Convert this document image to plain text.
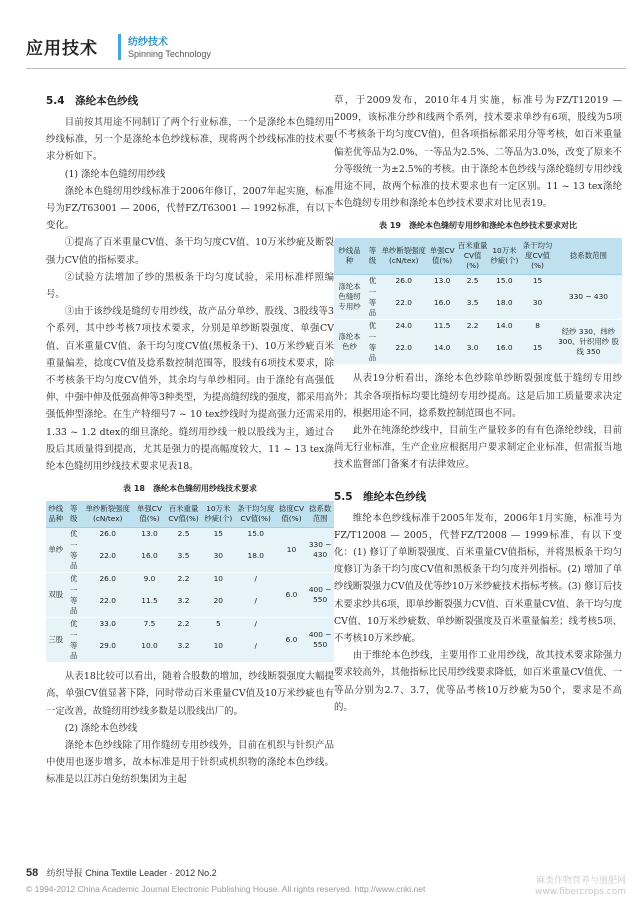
应用技术	纺纱技术
Spinning Technology
5.4　涤纶本色纱线

目前按其用途不同制订了两个行业标准，一个是涤纶本色缝纫用纱线标准，另一个是涤纶本色纱线标准，现将两个纱线标准的技术要求分析如下。

(1) 涤纶本色缝纫用纱线

涤纶本色缝纫用纱线标准于2006年修订，2007年起实施，标准号为FZ/T63001 — 2006，代替FZ/T63001 — 1992标准，有以下变化。

①提高了百米重量CV值、条干均匀度CV值、10万米纱疵及断裂强力CV值的指标要求。

②试验方法增加了纱的黑板条干均匀度试验，采用标准样照编号。

③由于该纱线是缝纫专用纱线，故产品分单纱、股线、3股线等3个系列，其中纱考核7项技术要求，分别是单纱断裂强度、单强CV值、百米重量CV值、条干均匀度CV值(黑板条干)、10万米纱疵百米重量偏差，捻度CV值及捻系数控制范围等，股线有6项技术要求，除不考核条干均匀度CV值外，其余均与单纱相同。由于涤纶有高强低伸、中强中伸及低强高伸等3种类型，为提高缝纫线的强度，都采用高强低伸型涤纶。在生产特细号7 ~ 10 tex纱线时为提高强力还需采用1.33 ~ 1.2 dtex的细旦涤纶。缝纫用纱线一般以股线为主，通过合股后其质量得到提高，尤其是强力的提高幅度较大，11 ~ 13 tex涤纶本色缝纫用纱线技术要求见表18。

表 18　涤纶本色缝纫用纱线技术要求
纱线品种	等级	单纱断裂强度(cN/tex)	单强CV值(%)	百米重量CV值(%)	10万米纱疵(个)	条干均匀度CV值(%)	捻度CV值(%)	捻系数范围
单纱	优	26.0	13.0	2.5	15	15.0	10	330 ~ 430
	一等品	22.0	16.0	3.5	30	18.0		
双股	优	26.0	9.0	2.2	10	/	6.0	400 ~ 550
	一等品	22.0	11.5	3.2	20	/		
三股	优	33.0	7.5	2.2	5	/	6.0	400 ~ 550
	一等品	29.0	10.0	3.2	10	/		

从表18比较可以看出，随着合股数的增加，纱线断裂强度大幅提高，单强CV值显著下降，同时带动百米重量CV值及10万米纱疵也有一定改善，故缝纫用纱线多数是以股线出厂的。

(2) 涤纶本色纱线

涤纶本色纱线除了用作缝纫专用纱线外，目前在机织与针织产品中使用也逐步增多，故本标准是用于针织或机织物的涤纶本色纱线。标准是以江苏白兔纺织集团为主起

草，于2009发布，2010年4月实施，标准号为FZ/T12019 — 2009，该标准分纱和线两个系列，技术要求单纱有6项，股线为5项(不考核条干均匀度CV值)，但各项指标都采用分等考核，如百米重量偏差优等品为2.0%、一等品为2.5%、二等品为3.0%，改变了原来不分等级统一为±2.5%的考核。由于涤纶本色纱线与涤纶缝纫专用纱线用途不同，故两个标准的技术要求也有一定区别。11 ~ 13 tex涤纶本色缝纫专用纱和涤纶本色纱技术要求对比见表19。

表 19　涤纶本色缝纫专用纱和涤纶本色纱技术要求对比
纱线品种	等级	单纱断裂强度(cN/tex)	单强CV值(%)	百米重量CV值(%)	10万米纱疵(个)	条干均匀度CV值(%)	捻系数范围
涤纶本色缝纫专用纱	优	26.0	13.0	2.5	15.0	15	330 ~ 430
	一等品	22.0	16.0	3.5	18.0	30	
涤纶本色纱	优	24.0	11.5	2.2	14.0	8	经纱 330、纬纱 300、针织用纱 股线 350
	一等品	22.0	14.0	3.0	16.0	15	

从表19分析看出，涤纶本色纱除单纱断裂强度低于缝纫专用纱外；其余各项指标均要比缝纫专用纱提高。这是后加工质量要求决定的，根据用途不同，捻系数控制范围也不同。

此外在纯涤纶纱线中，目前生产量较多的有有色涤纶纱线，目前尚无行业标准，生产企业应根据用户要求制定企业标准，但需报当地技术监督部门备案才有法律效应。

5.5　维纶本色纱线

维纶本色纱线标准于2005年发布，2006年1月实施，标准号为FZ/T12008 — 2005，代替FZ/T2008 — 1999标准，有以下变化：(1) 修订了单断裂强度、百米重量CV值指标，并将黑板条干均匀度修订为条干均匀度CV值和黑板条干均匀度并列指标。(2) 增加了单纱线断裂强力CV值及优等纱10万米纱疵技术指标考核。(3) 修订后技术要求纱共6项，即单纱断裂强力CV值、百米重量CV值、条干均匀度CV值、10万米纱疵数、单纱断裂强度及百米重量偏差；线考核5项、不考核10万米纱疵。

由于维纶本色纱线，主要用作工业用纱线，故其技术要求除强力要求较高外，其他指标比民用纱线要求降低，如百米重量CV值优、一等品分别为2.7、3.7，优等品考核10万纱疵为50个，要求是不高的。

58 纺织导报 China Textile Leader · 2012 No.2
© 1994-2012 China Academic Journal Electronic Publishing House. All rights reserved. http://www.cnki.net
麻类作物营养与施肥网
www.fibercrops.com
